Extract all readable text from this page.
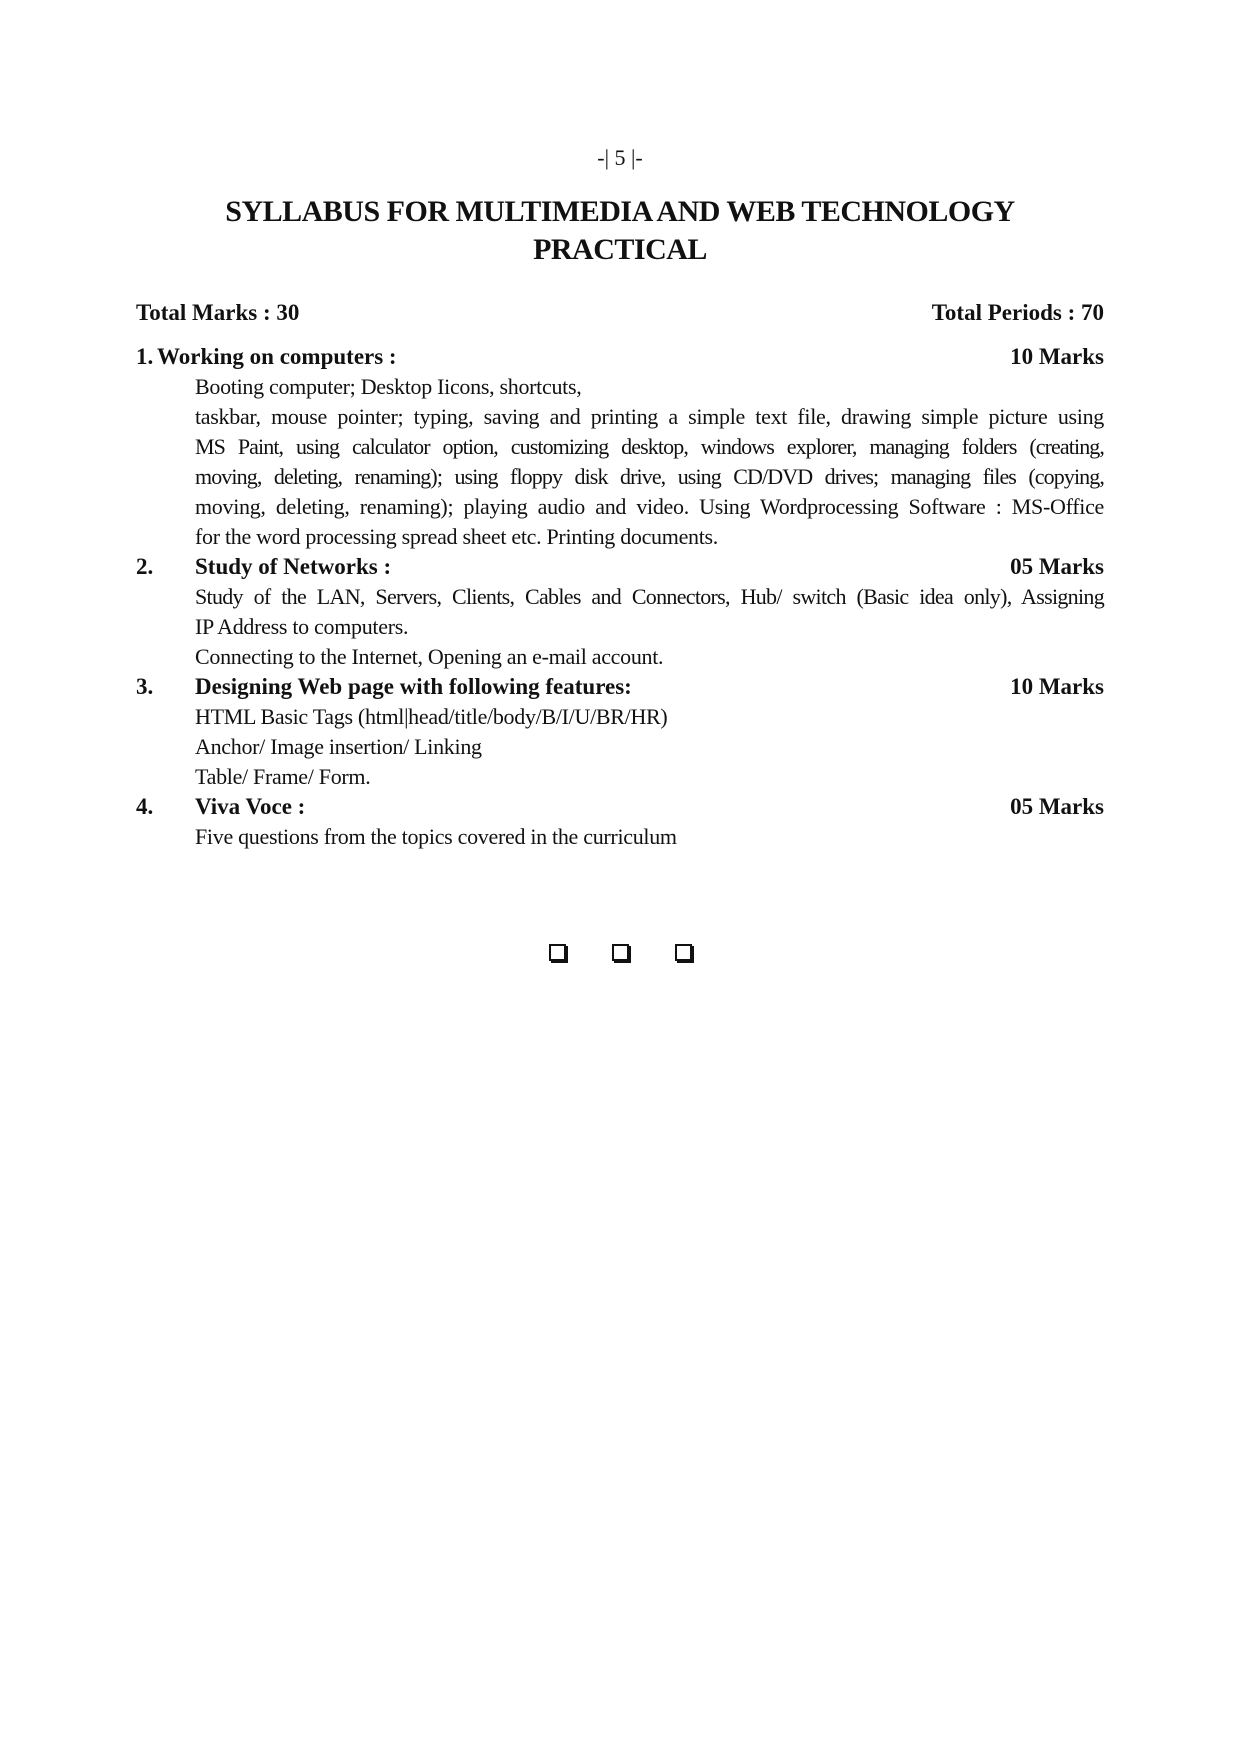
-| 5 |-
SYLLABUS FOR MULTIMEDIA AND WEB TECHNOLOGY
PRACTICAL
Total Marks : 30	Total Periods : 70
1. Working on computers :	10 Marks
Booting computer; Desktop Iicons, shortcuts,
taskbar, mouse pointer; typing, saving and printing a simple text file, drawing simple picture using
MS Paint, using calculator option, customizing desktop, windows explorer, managing folders (creating,
moving, deleting, renaming); using floppy disk drive, using CD/DVD drives; managing files (copying,
moving, deleting, renaming); playing audio and video. Using Wordprocessing Software : MS-Office
for the word processing spread sheet etc. Printing documents.
2. Study of Networks :	05 Marks
Study of the LAN, Servers, Clients, Cables and Connectors, Hub/ switch (Basic idea only), Assigning
IP Address to computers.
Connecting to the Internet, Opening an e-mail account.
3. Designing Web page with following features:	10 Marks
HTML Basic Tags (html|head/title/body/B/I/U/BR/HR)
Anchor/ Image insertion/ Linking
Table/ Frame/ Form.
4. Viva Voce :	05 Marks
Five questions from the topics covered in the curriculum
